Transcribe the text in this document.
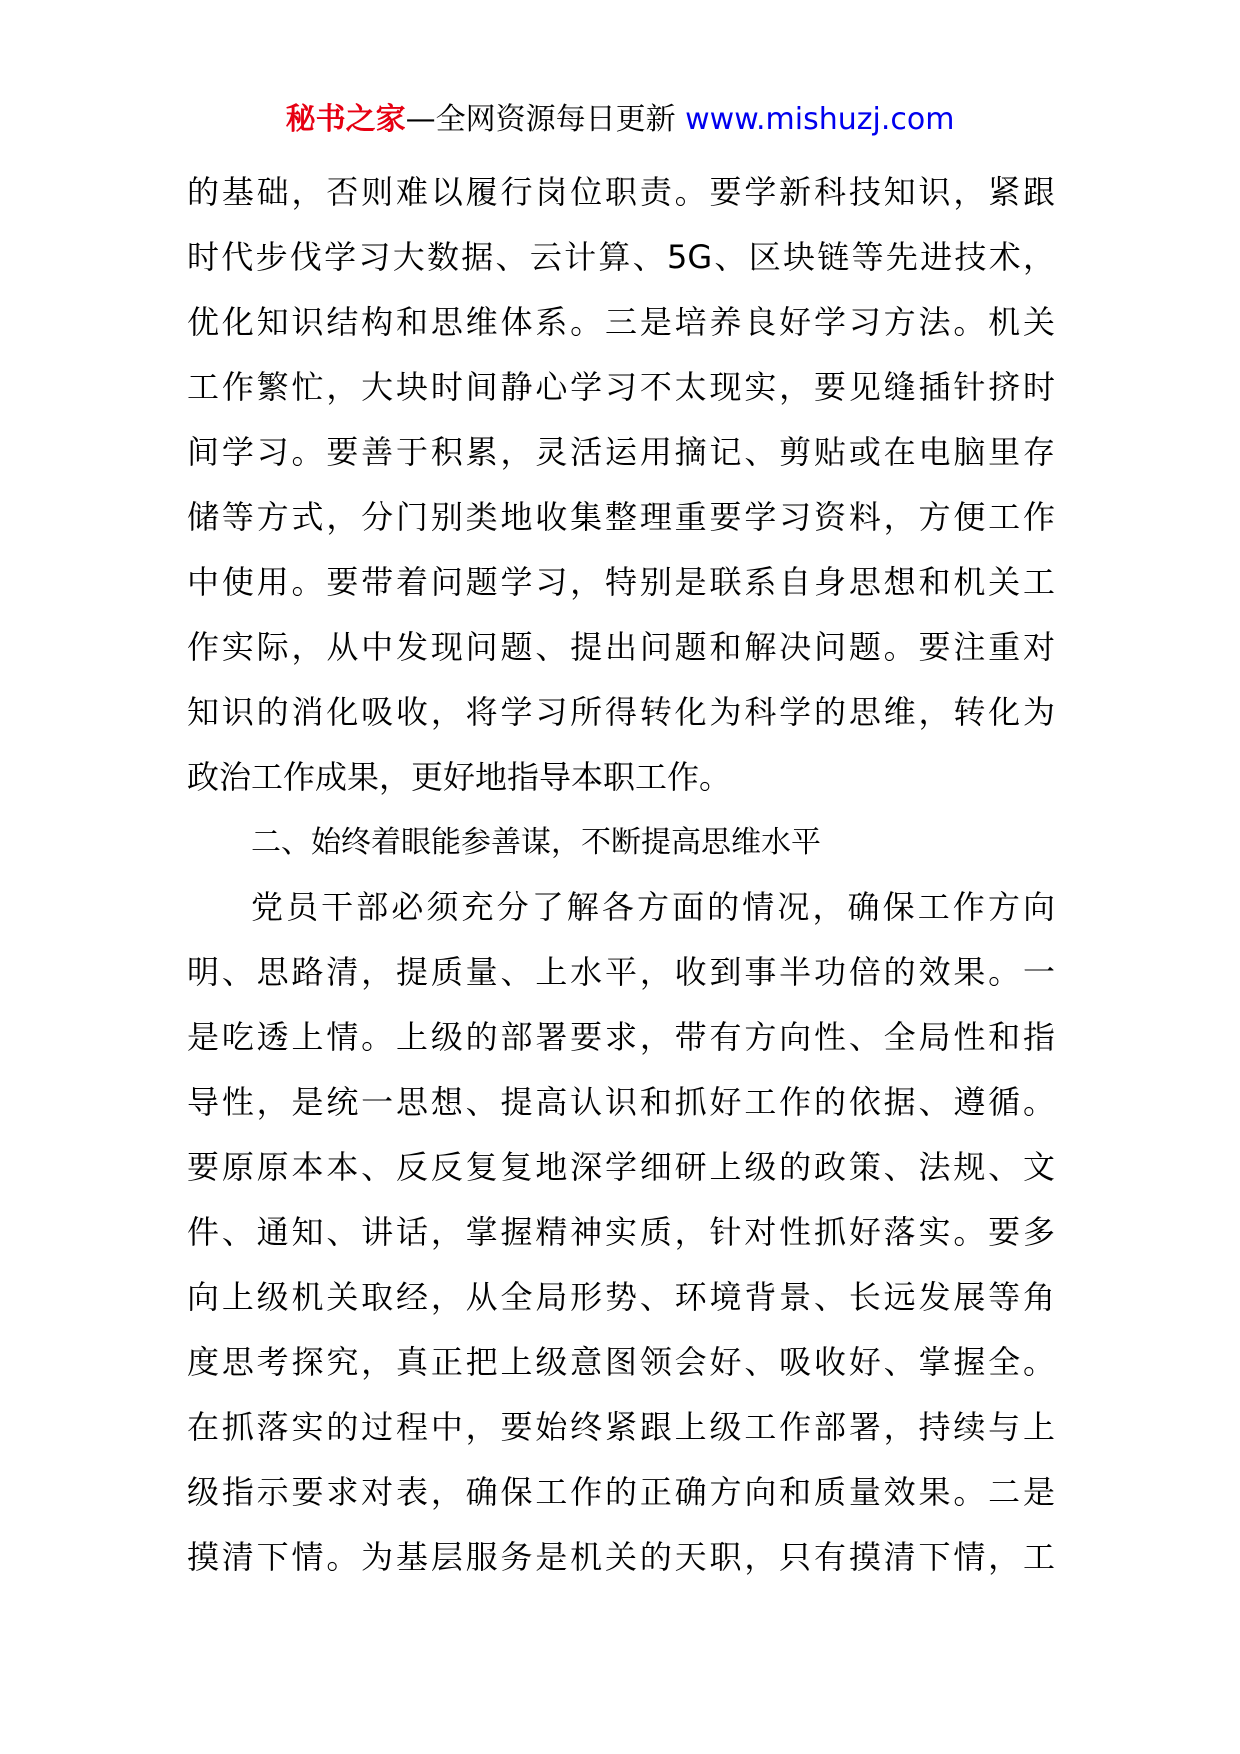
秘书之家—全网资源每日更新 www.mishuzj.com
的基础，否则难以履行岗位职责。要学新科技知识，紧跟
时代步伐学习大数据、云计算、5G、区块链等先进技术，
优化知识结构和思维体系。三是培养良好学习方法。机关
工作繁忙，大块时间静心学习不太现实，要见缝插针挤时
间学习。要善于积累，灵活运用摘记、剪贴或在电脑里存
储等方式，分门别类地收集整理重要学习资料，方便工作
中使用。要带着问题学习，特别是联系自身思想和机关工
作实际，从中发现问题、提出问题和解决问题。要注重对
知识的消化吸收，将学习所得转化为科学的思维，转化为
政治工作成果，更好地指导本职工作。
二、始终着眼能参善谋，不断提高思维水平
党员干部必须充分了解各方面的情况，确保工作方向
明、思路清，提质量、上水平，收到事半功倍的效果。一
是吃透上情。上级的部署要求，带有方向性、全局性和指
导性，是统一思想、提高认识和抓好工作的依据、遵循。
要原原本本、反反复复地深学细研上级的政策、法规、文
件、通知、讲话，掌握精神实质，针对性抓好落实。要多
向上级机关取经，从全局形势、环境背景、长远发展等角
度思考探究，真正把上级意图领会好、吸收好、掌握全。
在抓落实的过程中，要始终紧跟上级工作部署，持续与上
级指示要求对表，确保工作的正确方向和质量效果。二是
摸清下情。为基层服务是机关的天职，只有摸清下情，工
